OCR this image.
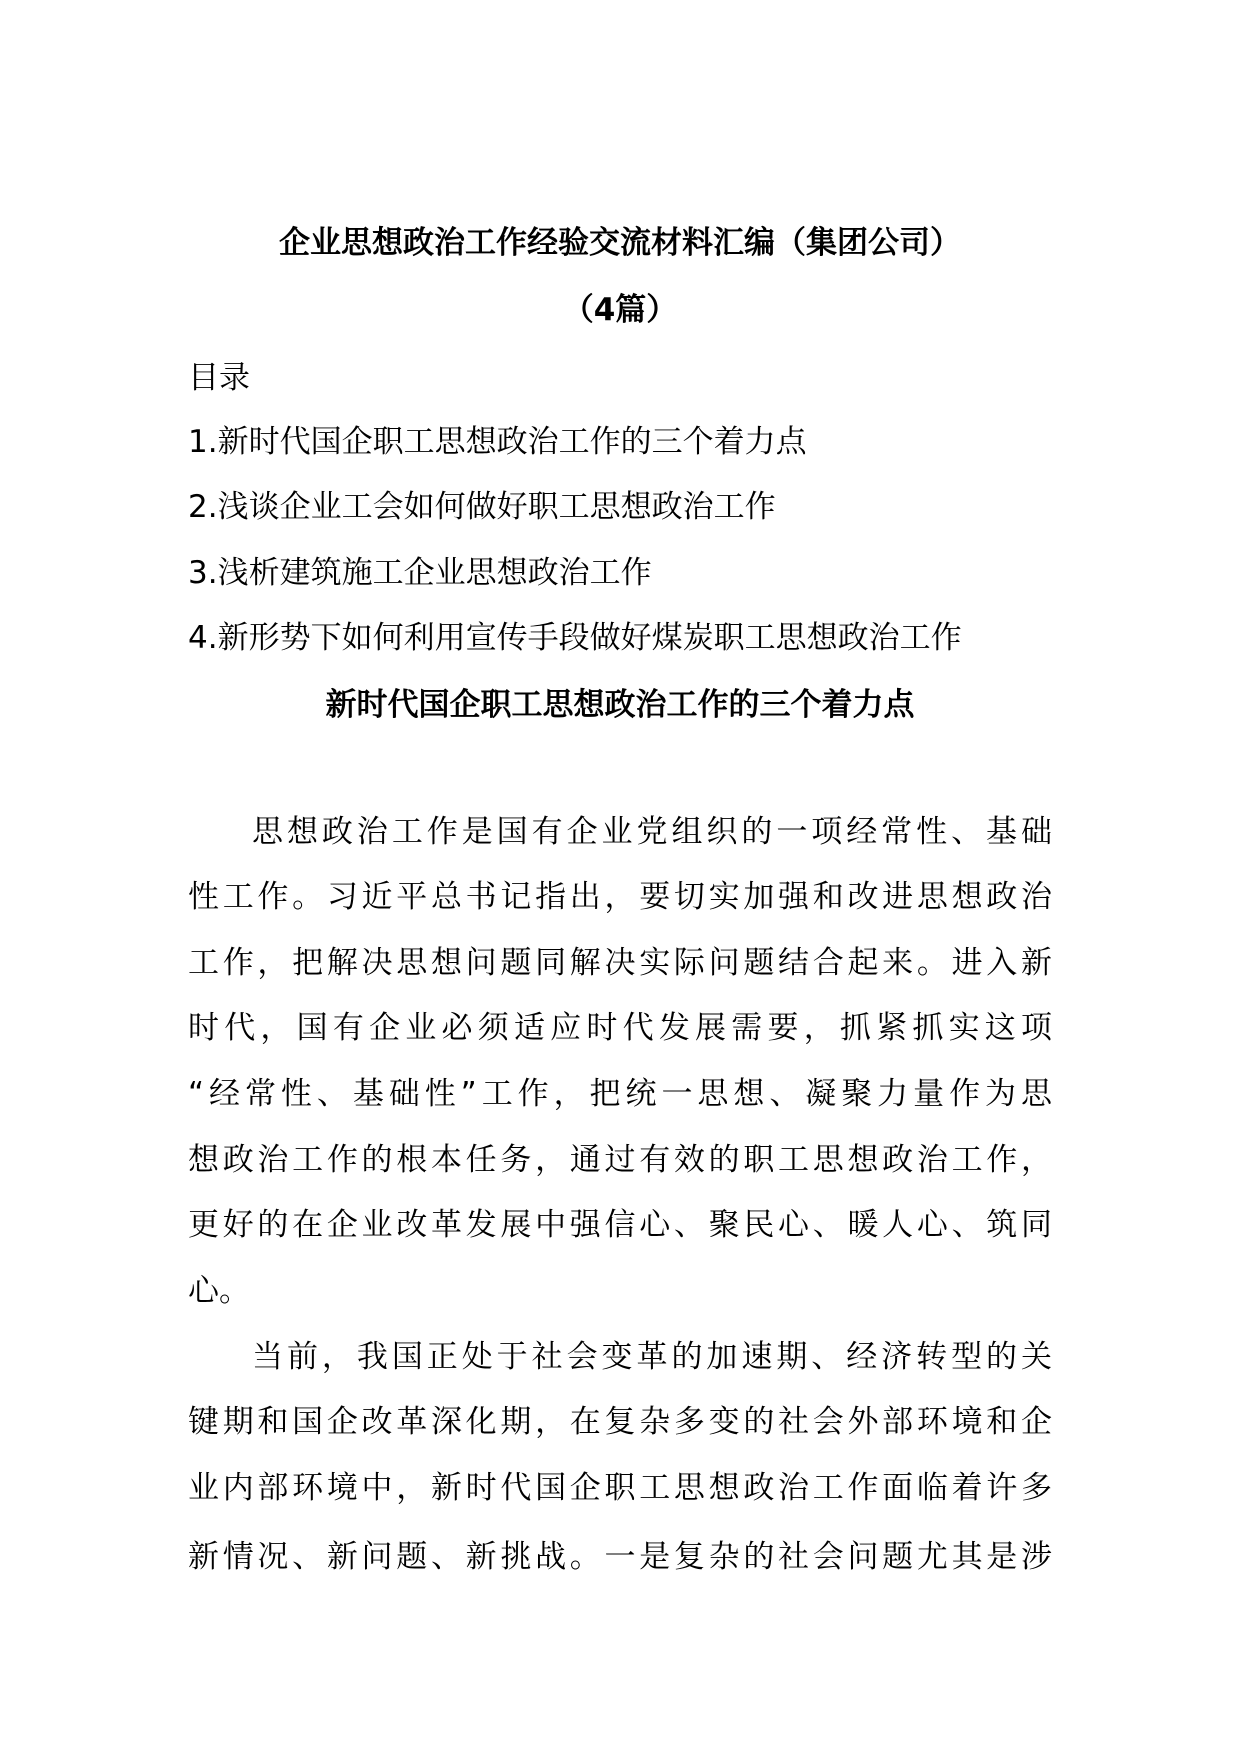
企业思想政治工作经验交流材料汇编（集团公司）
（4篇）
目录
1.新时代国企职工思想政治工作的三个着力点
2.浅谈企业工会如何做好职工思想政治工作
3.浅析建筑施工企业思想政治工作
4.新形势下如何利用宣传手段做好煤炭职工思想政治工作
新时代国企职工思想政治工作的三个着力点
思想政治工作是国有企业党组织的一项经常性、基础
性工作。习近平总书记指出，要切实加强和改进思想政治
工作，把解决思想问题同解决实际问题结合起来。进入新
时代，国有企业必须适应时代发展需要，抓紧抓实这项
“经常性、基础性”工作，把统一思想、凝聚力量作为思
想政治工作的根本任务，通过有效的职工思想政治工作，
更好的在企业改革发展中强信心、聚民心、暖人心、筑同
心。
当前，我国正处于社会变革的加速期、经济转型的关
键期和国企改革深化期，在复杂多变的社会外部环境和企
业内部环境中，新时代国企职工思想政治工作面临着许多
新情况、新问题、新挑战。一是复杂的社会问题尤其是涉
